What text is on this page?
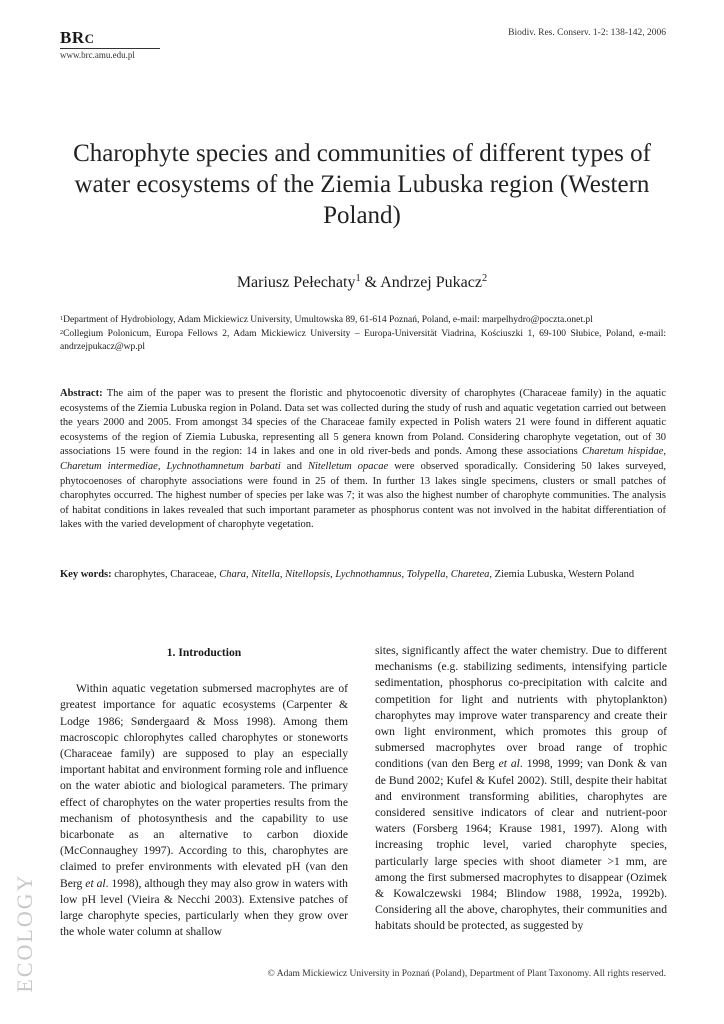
BRC
www.brc.amu.edu.pl
Biodiv. Res. Conserv. 1-2: 138-142, 2006
Charophyte species and communities of different types of water ecosystems of the Ziemia Lubuska region (Western Poland)
Mariusz Pełechaty$^1$ & Andrzej Pukacz$^2$
$^1$Department of Hydrobiology, Adam Mickiewicz University, Umultowska 89, 61-614 Poznań, Poland, e-mail: marpelhydro@poczta.onet.pl
$^2$Collegium Polonicum, Europa Fellows 2, Adam Mickiewicz University – Europa-Universität Viadrina, Kościuszki 1, 69-100 Słubice, Poland, e-mail: andrzejpukacz@wp.pl
Abstract: The aim of the paper was to present the floristic and phytocoenotic diversity of charophytes (Characeae family) in the aquatic ecosystems of the Ziemia Lubuska region in Poland. Data set was collected during the study of rush and aquatic vegetation carried out between the years 2000 and 2005. From amongst 34 species of the Characeae family expected in Polish waters 21 were found in different aquatic ecosystems of the region of Ziemia Lubuska, representing all 5 genera known from Poland. Considering charophyte vegetation, out of 30 associations 15 were found in the region: 14 in lakes and one in old river-beds and ponds. Among these associations Charetum hispidae, Charetum intermediae, Lychnothamnetum barbati and Nitelletum opacae were observed sporadically. Considering 50 lakes surveyed, phytocoenoses of charophyte associations were found in 25 of them. In further 13 lakes single specimens, clusters or small patches of charophytes occurred. The highest number of species per lake was 7; it was also the highest number of charophyte communities. The analysis of habitat conditions in lakes revealed that such important parameter as phosphorus content was not involved in the habitat differentiation of lakes with the varied development of charophyte vegetation.
Key words: charophytes, Characeae, Chara, Nitella, Nitellopsis, Lychnothamnus, Tolypella, Charetea, Ziemia Lubuska, Western Poland
1. Introduction

Within aquatic vegetation submersed macrophytes are of greatest importance for aquatic ecosystems (Carpenter & Lodge 1986; Søndergaard & Moss 1998). Among them macroscopic chlorophytes called charophytes or stoneworts (Characeae family) are supposed to play an especially important habitat and environment forming role and influence on the water abiotic and biological parameters. The primary effect of charophytes on the water properties results from the mechanism of photosynthesis and the capability to use bicarbonate as an alternative to carbon dioxide (McConnaughey 1997). According to this, charophytes are claimed to prefer environments with elevated pH (van den Berg et al. 1998), although they may also grow in waters with low pH level (Vieira & Necchi 2003). Extensive patches of large charophyte species, particularly when they grow over the whole water column at shallow

sites, significantly affect the water chemistry. Due to different mechanisms (e.g. stabilizing sediments, intensifying particle sedimentation, phosphorus co-precipitation with calcite and competition for light and nutrients with phytoplankton) charophytes may improve water transparency and create their own light environment, which promotes this group of submersed macrophytes over broad range of trophic conditions (van den Berg et al. 1998, 1999; van Donk & van de Bund 2002; Kufel & Kufel 2002). Still, despite their habitat and environment transforming abilities, charophytes are considered sensitive indicators of clear and nutrient-poor waters (Forsberg 1964; Krause 1981, 1997). Along with increasing trophic level, varied charophyte species, particularly large species with shoot diameter >1 mm, are among the first submersed macrophytes to disappear (Ozimek & Kowalczewski 1984; Blindow 1988, 1992a, 1992b). Considering all the above, charophytes, their communities and habitats should be protected, as suggested by

ECOLOGY	© Adam Mickiewicz University in Poznań (Poland), Department of Plant Taxonomy. All rights reserved.
